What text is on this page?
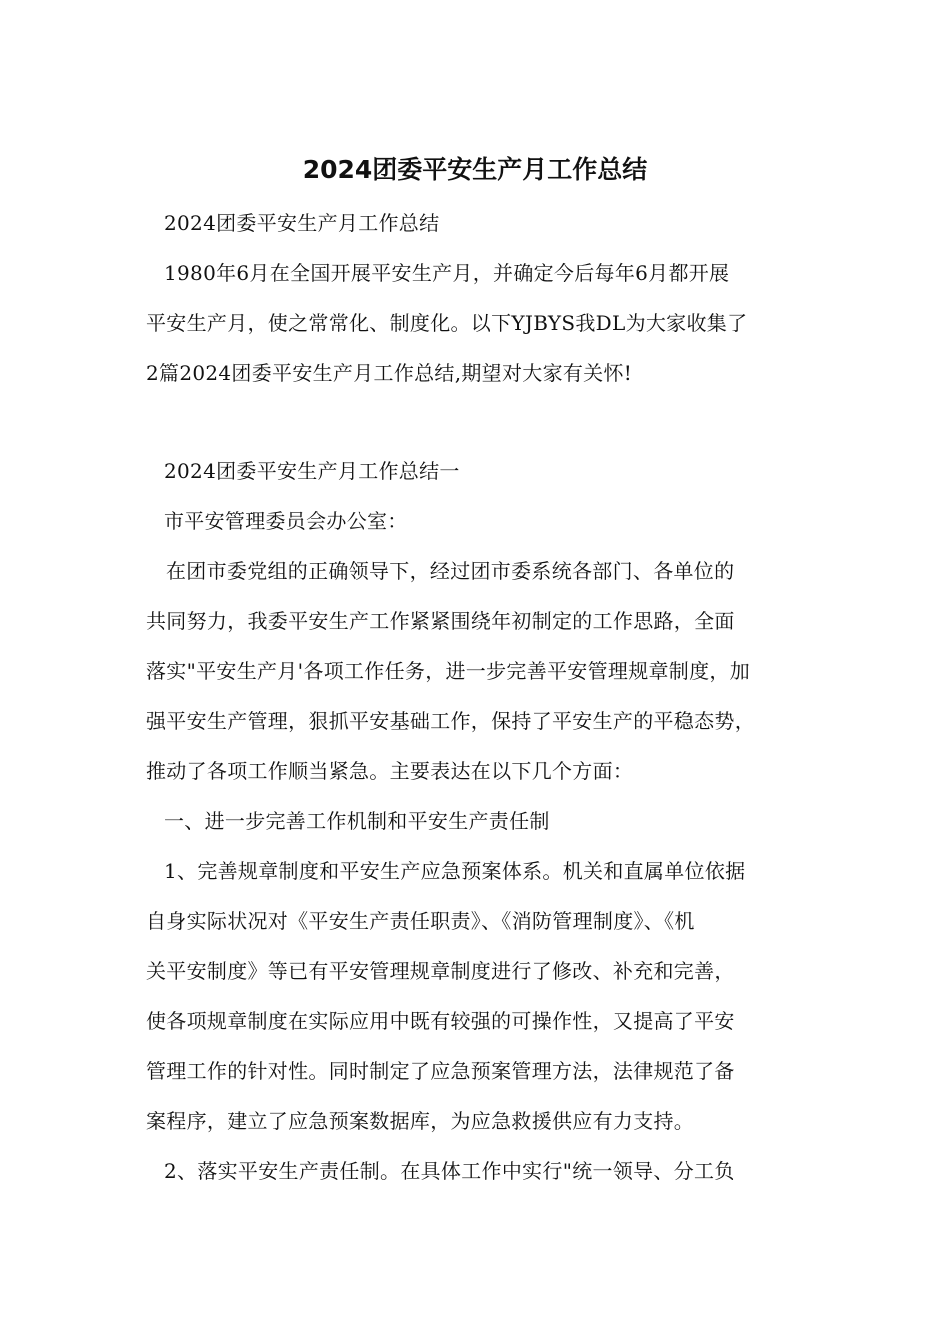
2024团委平安生产月工作总结

2024团委平安生产月工作总结

1980年6月在全国开展平安生产月，并确定今后每年6月都开展
平安生产月，使之常常化、制度化。以下YJBYS我DL为大家收集了
2篇2024团委平安生产月工作总结,期望对大家有关怀!

2024团委平安生产月工作总结一

市平安管理委员会办公室：

在团市委党组的正确领导下，经过团市委系统各部门、各单位的
共同努力，我委平安生产工作紧紧围绕年初制定的工作思路，全面
落实"平安生产月'各项工作任务，进一步完善平安管理规章制度，加
强平安生产管理，狠抓平安基础工作，保持了平安生产的平稳态势，
推动了各项工作顺当紧急。主要表达在以下几个方面：

一、进一步完善工作机制和平安生产责任制

1、完善规章制度和平安生产应急预案体系。机关和直属单位依据
自身实际状况对《平安生产责任职责》、《消防管理制度》、《机
关平安制度》等已有平安管理规章制度进行了修改、补充和完善，
使各项规章制度在实际应用中既有较强的可操作性，又提高了平安
管理工作的针对性。同时制定了应急预案管理方法，法律规范了备
案程序，建立了应急预案数据库，为应急救援供应有力支持。

2、落实平安生产责任制。在具体工作中实行"统一领导、分工负
